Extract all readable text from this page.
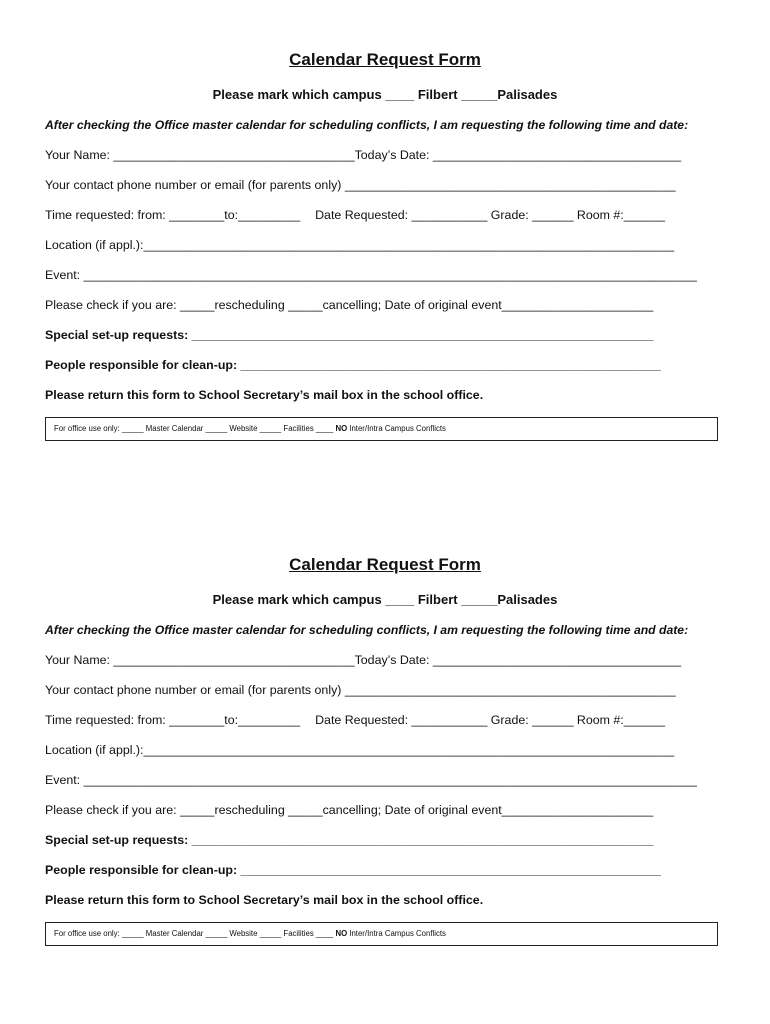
Calendar Request Form
Please mark which campus ____ Filbert _____Palisades
After checking the Office master calendar for scheduling conflicts, I am requesting the following time and date:
Your Name: ___________________________________Today’s Date: ____________________________________
Your contact phone number or email (for parents only) ________________________________________________
Time requested: from: ________to:_________ Date Requested: ___________ Grade: ______ Room #:______
Location (if appl.):_____________________________________________________________________________
Event: _________________________________________________________________________________________
Please check if you are: _____rescheduling _____cancelling; Date of original event______________________
Special set-up requests: ___________________________________________________________________
People responsible for clean-up: _____________________________________________________________
Please return this form to School Secretary’s mail box in the school office.
For office use only: _____ Master Calendar _____ Website _____ Facilities ____ NO Inter/Intra Campus Conflicts
Calendar Request Form
Please mark which campus ____ Filbert _____Palisades
After checking the Office master calendar for scheduling conflicts, I am requesting the following time and date:
Your Name: ___________________________________Today’s Date: ____________________________________
Your contact phone number or email (for parents only) ________________________________________________
Time requested: from: ________to:_________ Date Requested: ___________ Grade: ______ Room #:______
Location (if appl.):_____________________________________________________________________________
Event: _________________________________________________________________________________________
Please check if you are: _____rescheduling _____cancelling; Date of original event______________________
Special set-up requests: ___________________________________________________________________
People responsible for clean-up: _____________________________________________________________
Please return this form to School Secretary’s mail box in the school office.
For office use only: _____ Master Calendar _____ Website _____ Facilities ____ NO Inter/Intra Campus Conflicts
